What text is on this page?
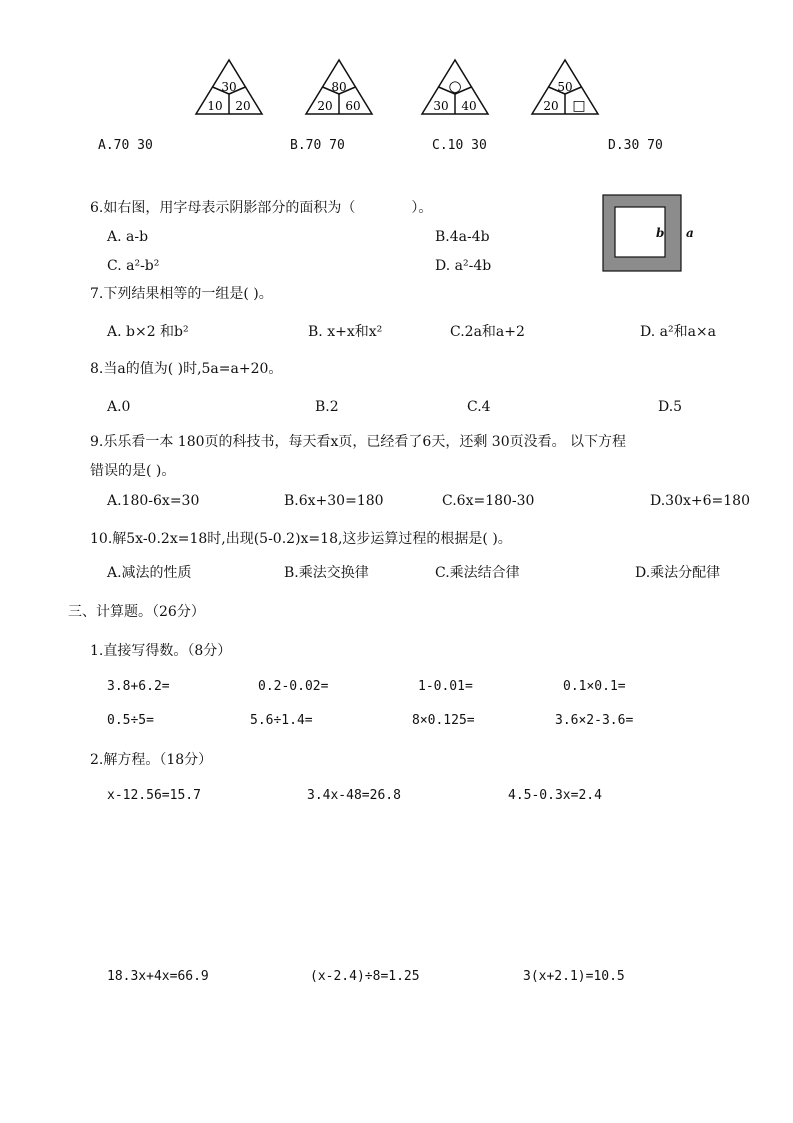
30
10 20
80
20 60
○
30 40
50
20 □
A.70 30	B.70 70	C.10 30	D.30 70
6.如右图，用字母表示阴影部分的面积为（　　　　）。
A. a-b	B.4a-4b
C. a²-b²	D. a²-4b
b a
7.下列结果相等的一组是( )。
A. b×2 和b²	B. x+x和x²	C.2a和a+2	D. a²和a×a
8.当a的值为( )时,5a=a+20。
A.0	B.2	C.4	D.5
9.乐乐看一本 180页的科技书，每天看x页，已经看了6天，还剩 30页没看。 以下方程
错误的是( )。
A.180-6x=30	B.6x+30=180	C.6x=180-30	D.30x+6=180
10.解5x-0.2x=18时,出现(5-0.2)x=18,这步运算过程的根据是( )。
A.减法的性质	B.乘法交换律	C.乘法结合律	D.乘法分配律
三、计算题。（26分）
1.直接写得数。（8分）
3.8+6.2=	0.2-0.02=	1-0.01=	0.1×0.1=
0.5÷5=	5.6÷1.4=	8×0.125=	3.6×2-3.6=
2.解方程。（18分）
x-12.56=15.7	3.4x-48=26.8	4.5-0.3x=2.4
18.3x+4x=66.9	(x-2.4)÷8=1.25	3(x+2.1)=10.5
